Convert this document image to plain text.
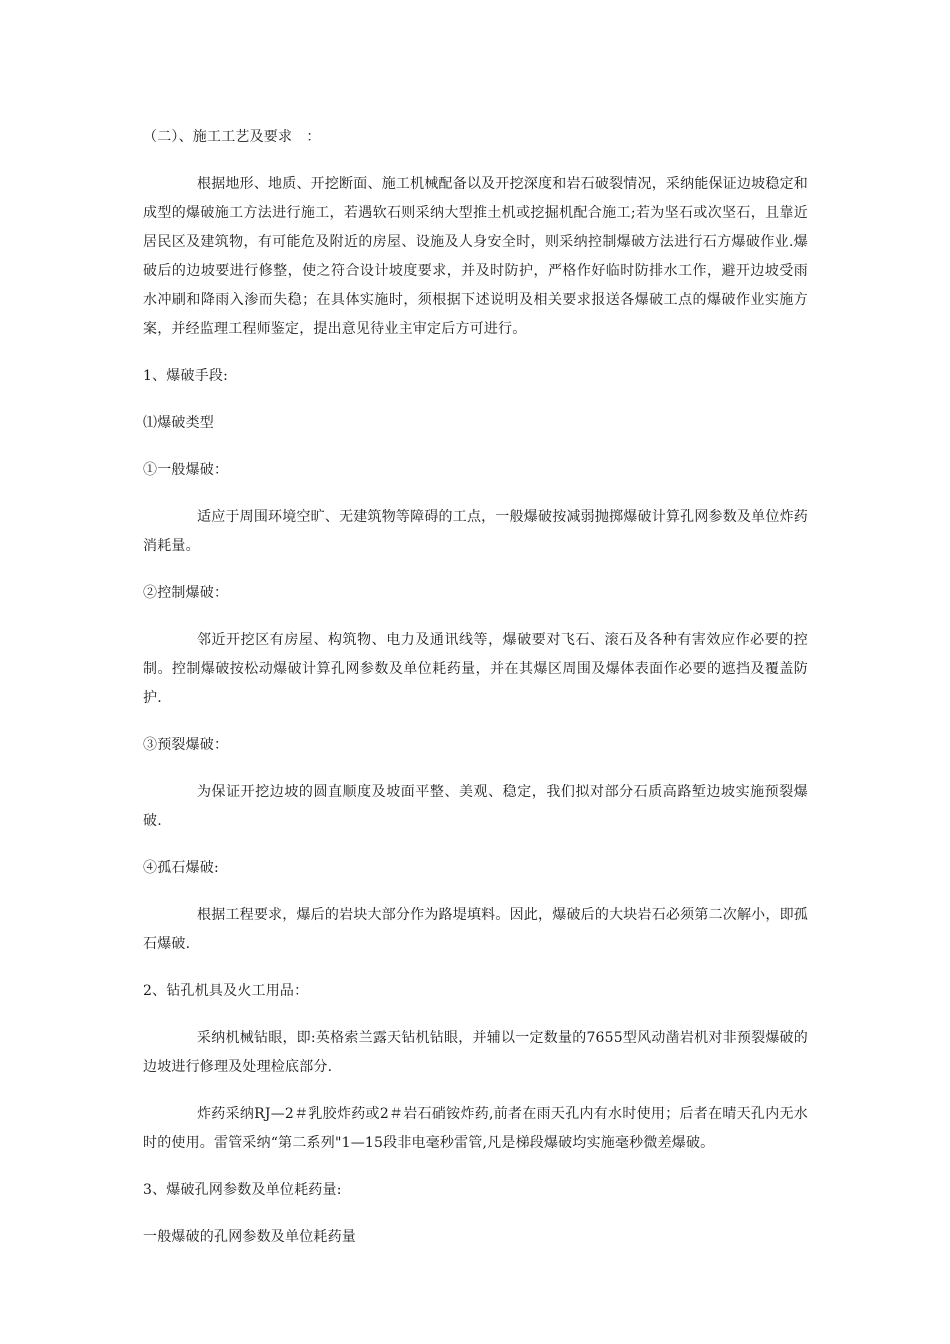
（二）、施工工艺及要求　：

根据地形、地质、开挖断面、施工机械配备以及开挖深度和岩石破裂情况，采纳能保证边坡稳定和成型的爆破施工方法进行施工，若遇软石则采纳大型推土机或挖掘机配合施工;若为坚石或次坚石，且靠近居民区及建筑物，有可能危及附近的房屋、设施及人身安全时，则采纳控制爆破方法进行石方爆破作业.爆破后的边坡要进行修整，使之符合设计坡度要求，并及时防护，严格作好临时防排水工作，避开边坡受雨水冲刷和降雨入渗而失稳；在具体实施时，须根据下述说明及相关要求报送各爆破工点的爆破作业实施方案，并经监理工程师鉴定，提出意见待业主审定后方可进行。

1、爆破手段:

⑴爆破类型

①一般爆破：

适应于周围环境空旷、无建筑物等障碍的工点，一般爆破按减弱抛掷爆破计算孔网参数及单位炸药消耗量。

②控制爆破：

邻近开挖区有房屋、构筑物、电力及通讯线等，爆破要对飞石、滚石及各种有害效应作必要的控制。控制爆破按松动爆破计算孔网参数及单位耗药量，并在其爆区周围及爆体表面作必要的遮挡及覆盖防护.

③预裂爆破：

为保证开挖边坡的圆直顺度及坡面平整、美观、稳定，我们拟对部分石质高路堑边坡实施预裂爆破.

④孤石爆破:

根据工程要求，爆后的岩块大部分作为路堤填料。因此，爆破后的大块岩石必须第二次解小，即孤石爆破.

2、钻孔机具及火工用品：

采纳机械钻眼，即:英格索兰露天钻机钻眼，并辅以一定数量的7655型风动凿岩机对非预裂爆破的边坡进行修理及处理检底部分.

炸药采纳RJ—2＃乳胶炸药或2＃岩石硝铵炸药,前者在雨天孔内有水时使用；后者在晴天孔内无水时的使用。雷管采纳“第二系列"1—15段非电毫秒雷管,凡是梯段爆破均实施毫秒微差爆破。

3、爆破孔网参数及单位耗药量:

一般爆破的孔网参数及单位耗药量
